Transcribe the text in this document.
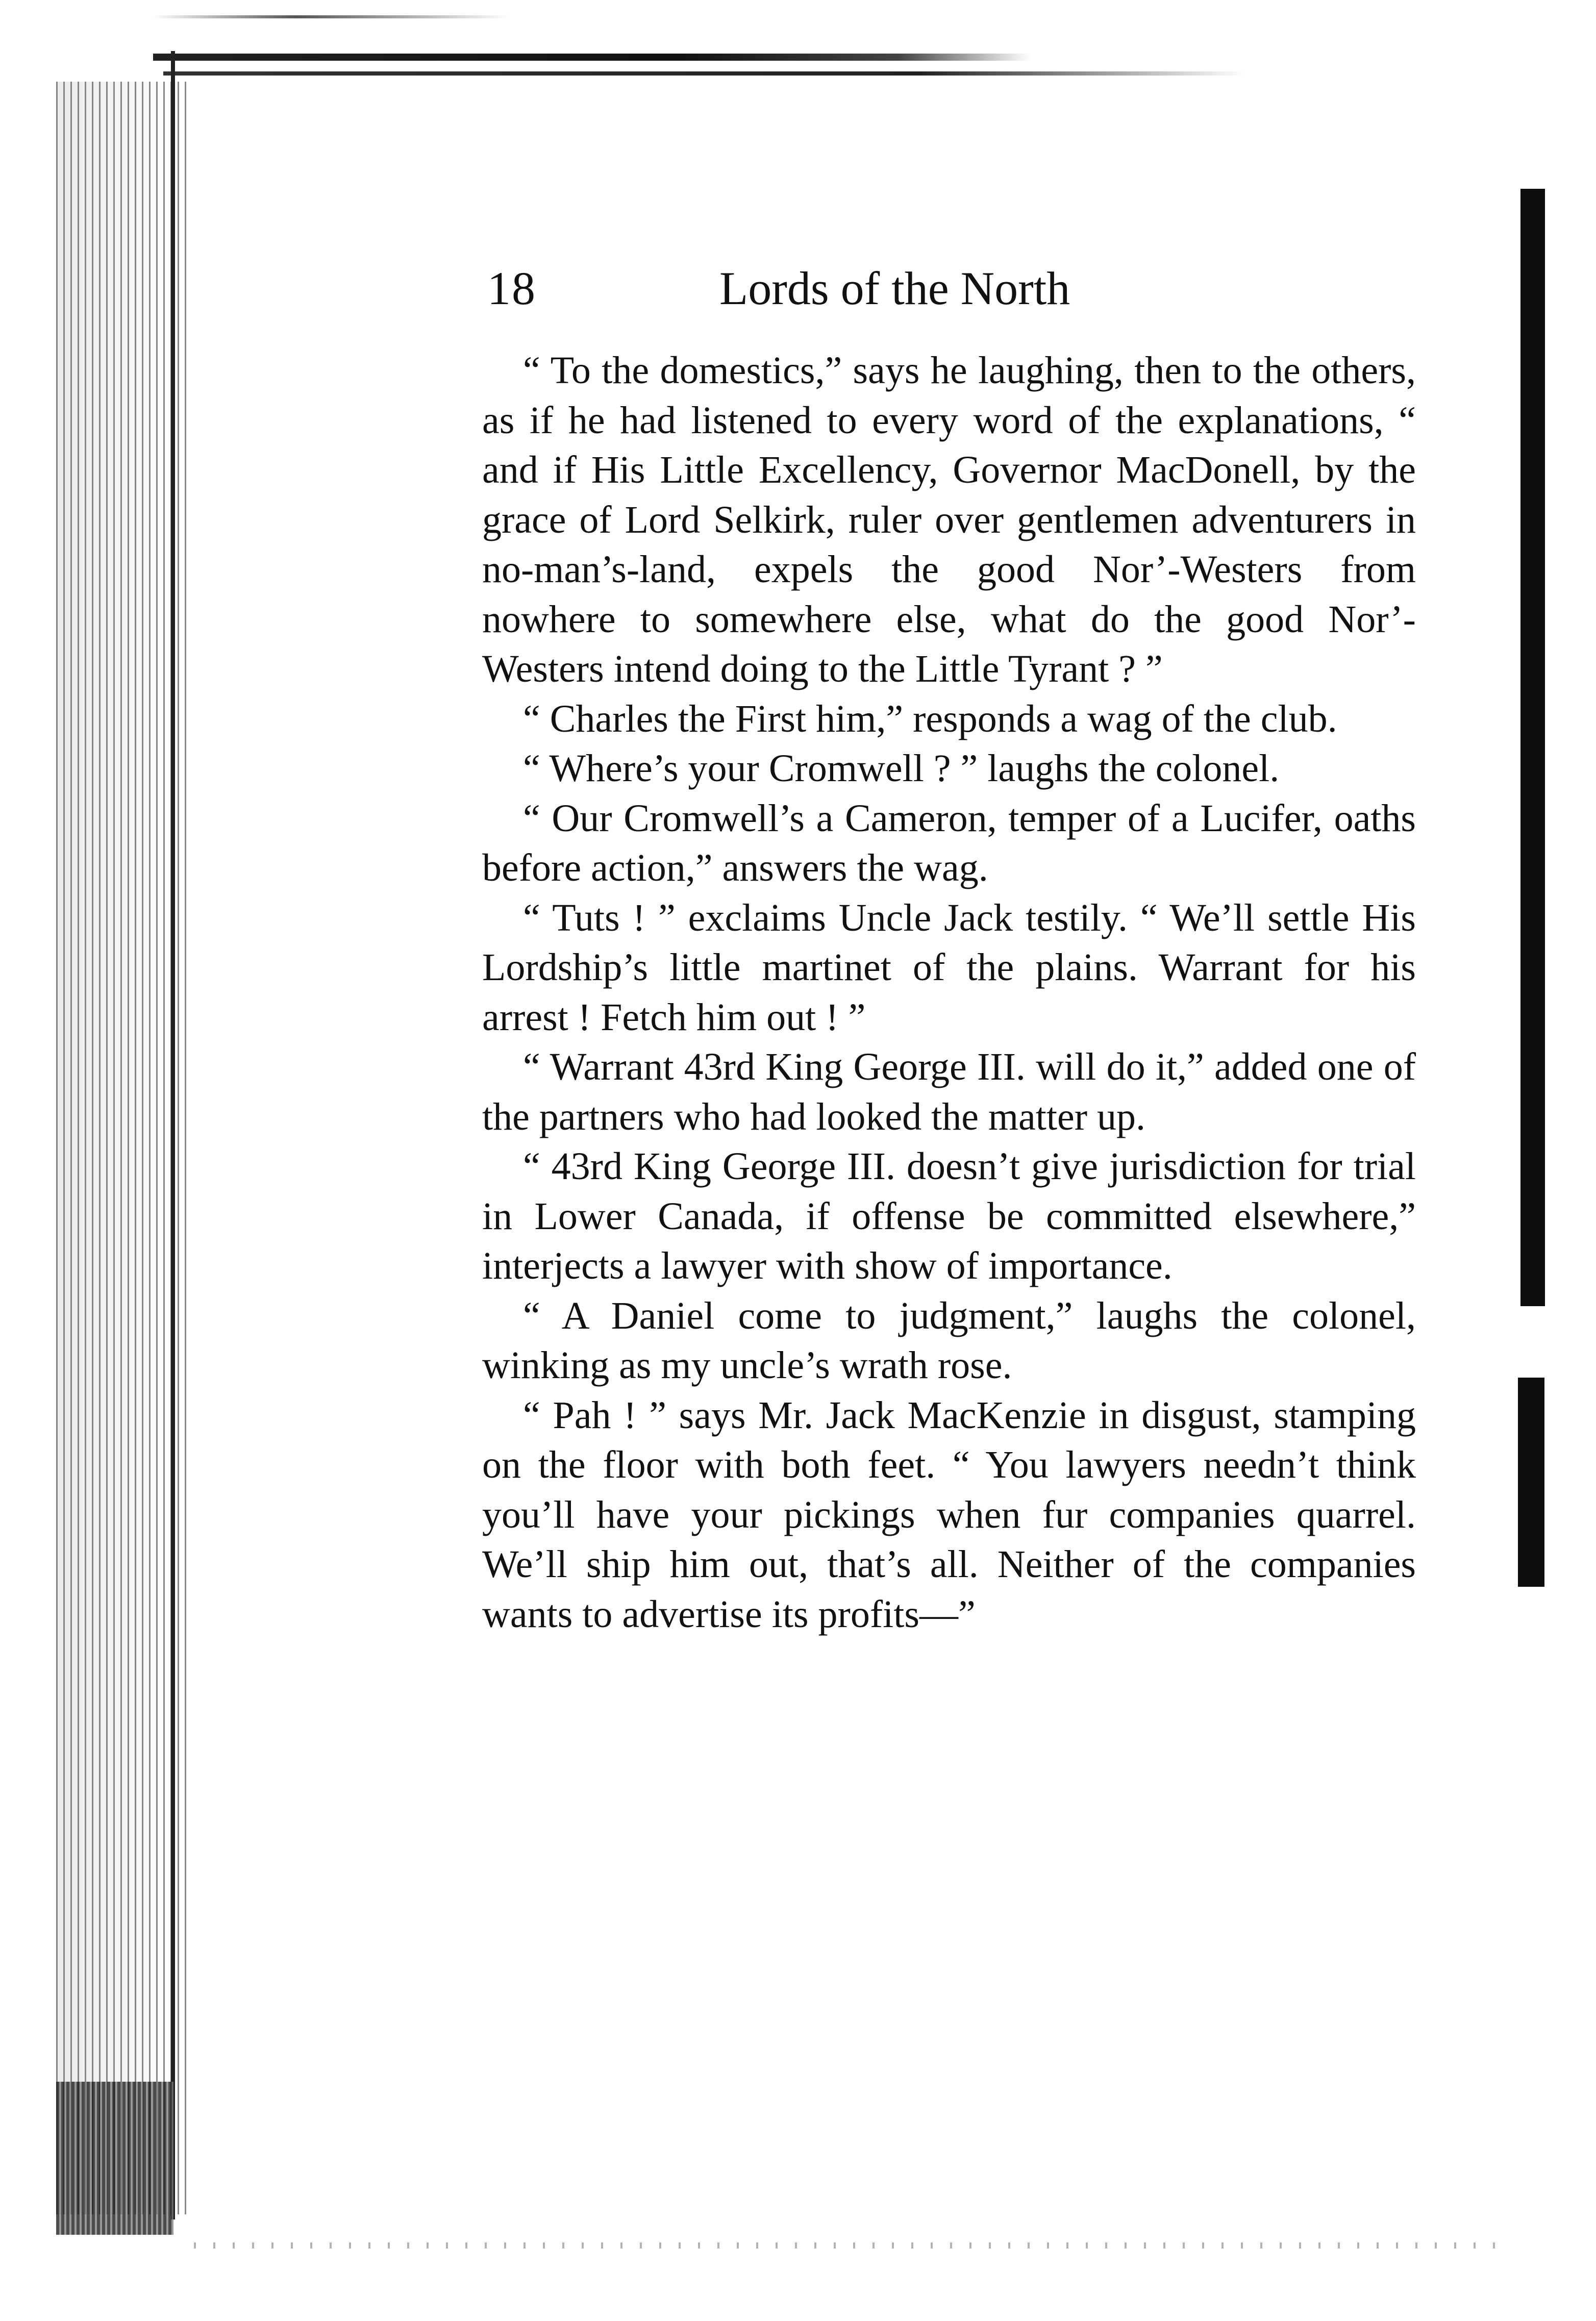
18	Lords of the North

“ To the domestics,” says he laughing, then to the others, as if he had listened to every word of the explanations, “ and if His Little Excellency, Governor MacDonell, by the grace of Lord Selkirk, ruler over gentlemen adventurers in no-man’s-land, expels the good Nor’-Westers from nowhere to somewhere else, what do the good Nor’-Westers intend doing to the Little Tyrant ? ”

“ Charles the First him,” responds a wag of the club.

“ Where’s your Cromwell ? ” laughs the colonel.

“ Our Cromwell’s a Cameron, temper of a Lucifer, oaths before action,” answers the wag.

“ Tuts ! ” exclaims Uncle Jack testily. “ We’ll settle His Lordship’s little martinet of the plains. Warrant for his arrest ! Fetch him out ! ”

“ Warrant 43rd King George III. will do it,” added one of the partners who had looked the matter up.

“ 43rd King George III. doesn’t give jurisdiction for trial in Lower Canada, if offense be committed elsewhere,” interjects a lawyer with show of importance.

“ A Daniel come to judgment,” laughs the colonel, winking as my uncle’s wrath rose.

“ Pah ! ” says Mr. Jack MacKenzie in disgust, stamping on the floor with both feet. “ You lawyers needn’t think you’ll have your pickings when fur companies quarrel. We’ll ship him out, that’s all. Neither of the companies wants to advertise its profits—”
